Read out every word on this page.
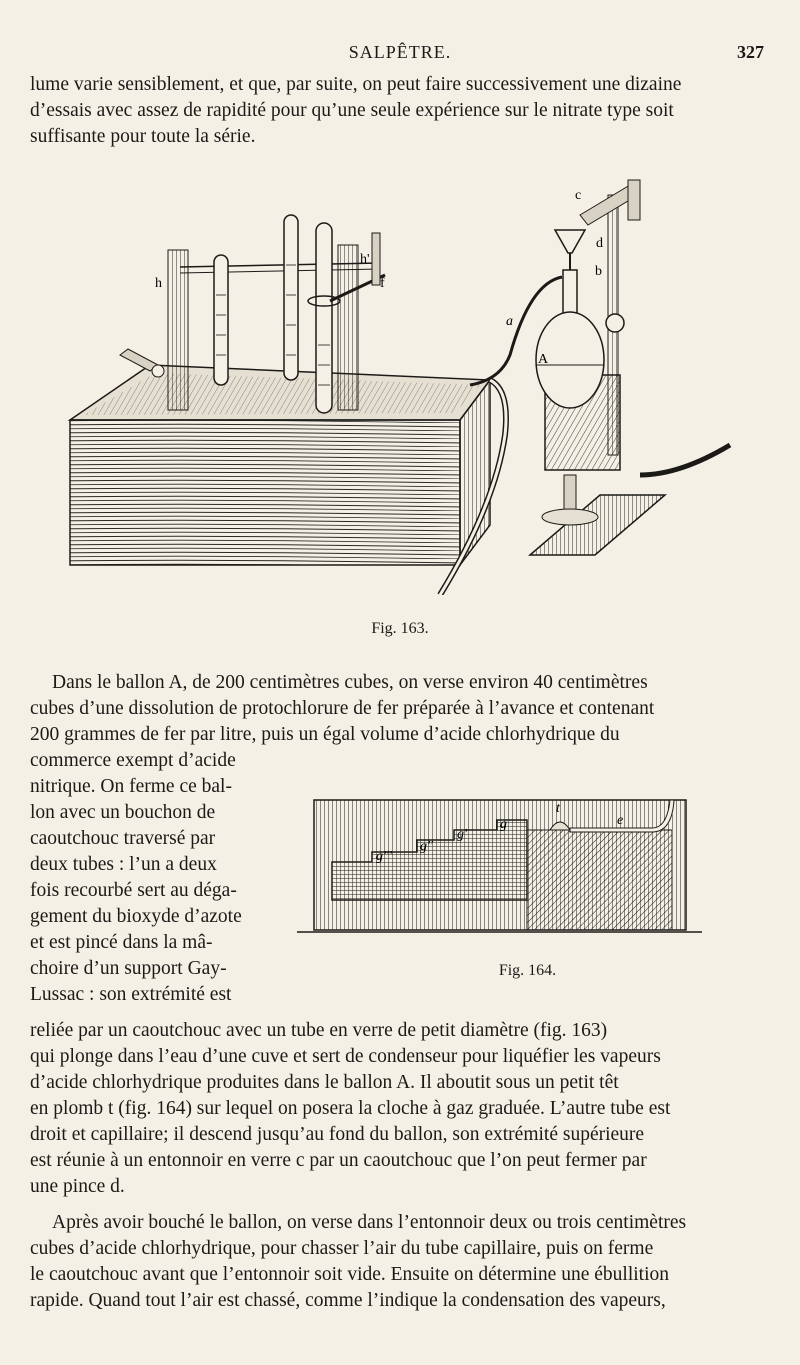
SALPÊTRE.	327

lume varie sensiblement, et que, par suite, on peut faire successivement une dizaine

d’essais avec assez de rapidité pour qu’une seule expérience sur le nitrate type soit

suffisante pour toute la série.

h
h'
f
a
A
b
c
d
Fig. 163.

Dans le ballon A, de 200 centimètres cubes, on verse environ 40 centimètres

cubes d’une dissolution de protochlorure de fer préparée à l’avance et contenant

200 grammes de fer par litre, puis un égal volume d’acide chlorhydrique du

commerce exempt d’acide

nitrique. On ferme ce bal-
lon avec un bouchon de
caoutchouc traversé par
deux tubes : l’un a deux
fois recourbé sert au déga-
gement du bioxyde d’azote
et est pincé dans la mâ-
choire d’un support Gay-
Lussac : son extrémité est
t
e
g
g'
g''
g'''
Fig. 164.

reliée par un caoutchouc avec un tube en verre de petit diamètre (fig. 163)

qui plonge dans l’eau d’une cuve et sert de condenseur pour liquéfier les vapeurs

d’acide chlorhydrique produites dans le ballon A. Il aboutit sous un petit têt

en plomb t (fig. 164) sur lequel on posera la cloche à gaz graduée. L’autre tube est

droit et capillaire; il descend jusqu’au fond du ballon, son extrémité supérieure

est réunie à un entonnoir en verre c par un caoutchouc que l’on peut fermer par

une pince d.

Après avoir bouché le ballon, on verse dans l’entonnoir deux ou trois centimètres

cubes d’acide chlorhydrique, pour chasser l’air du tube capillaire, puis on ferme

le caoutchouc avant que l’entonnoir soit vide. Ensuite on détermine une ébullition

rapide. Quand tout l’air est chassé, comme l’indique la condensation des vapeurs,
